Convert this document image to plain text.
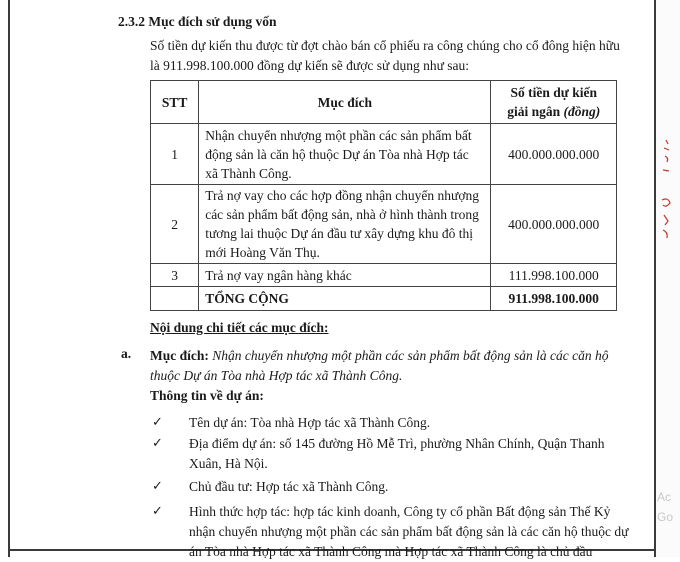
2.3.2 Mục đích sử dụng vốn
Số tiền dự kiến thu được từ đợt chào bán cổ phiếu ra công chúng cho cổ đông hiện hữu là 911.998.100.000 đồng dự kiến sẽ được sử dụng như sau:
STT	Mục đích	Số tiền dự kiến
giải ngân (đồng)
1	Nhận chuyển nhượng một phần các sản phẩm bất động sản là căn hộ thuộc Dự án Tòa nhà Hợp tác xã Thành Công.	400.000.000.000
2	Trả nợ vay cho các hợp đồng nhận chuyển nhượng các sản phẩm bất động sản, nhà ở hình thành trong tương lai thuộc Dự án đầu tư xây dựng khu đô thị mới Hoàng Văn Thụ.	400.000.000.000
3	Trả nợ vay ngân hàng khác	111.998.100.000
	TỔNG CỘNG	911.998.100.000
Nội dung chi tiết các mục đích:
a. Mục đích: Nhận chuyển nhượng một phần các sản phẩm bất động sản là các căn hộ thuộc Dự án Tòa nhà Hợp tác xã Thành Công.
Thông tin về dự án:
✓ Tên dự án: Tòa nhà Hợp tác xã Thành Công.
✓ Địa điểm dự án: số 145 đường Hồ Mễ Trì, phường Nhân Chính, Quận Thanh Xuân, Hà Nội.
✓ Chủ đầu tư: Hợp tác xã Thành Công.
✓ Hình thức hợp tác: hợp tác kinh doanh, Công ty cổ phần Bất động sản Thế Kỷ nhận chuyển nhượng một phần các sản phẩm bất động sản là các căn hộ thuộc dự án Tòa nhà Hợp tác xã Thành Công mà Hợp tác xã Thành Công là chủ đầu
Ac
Go
